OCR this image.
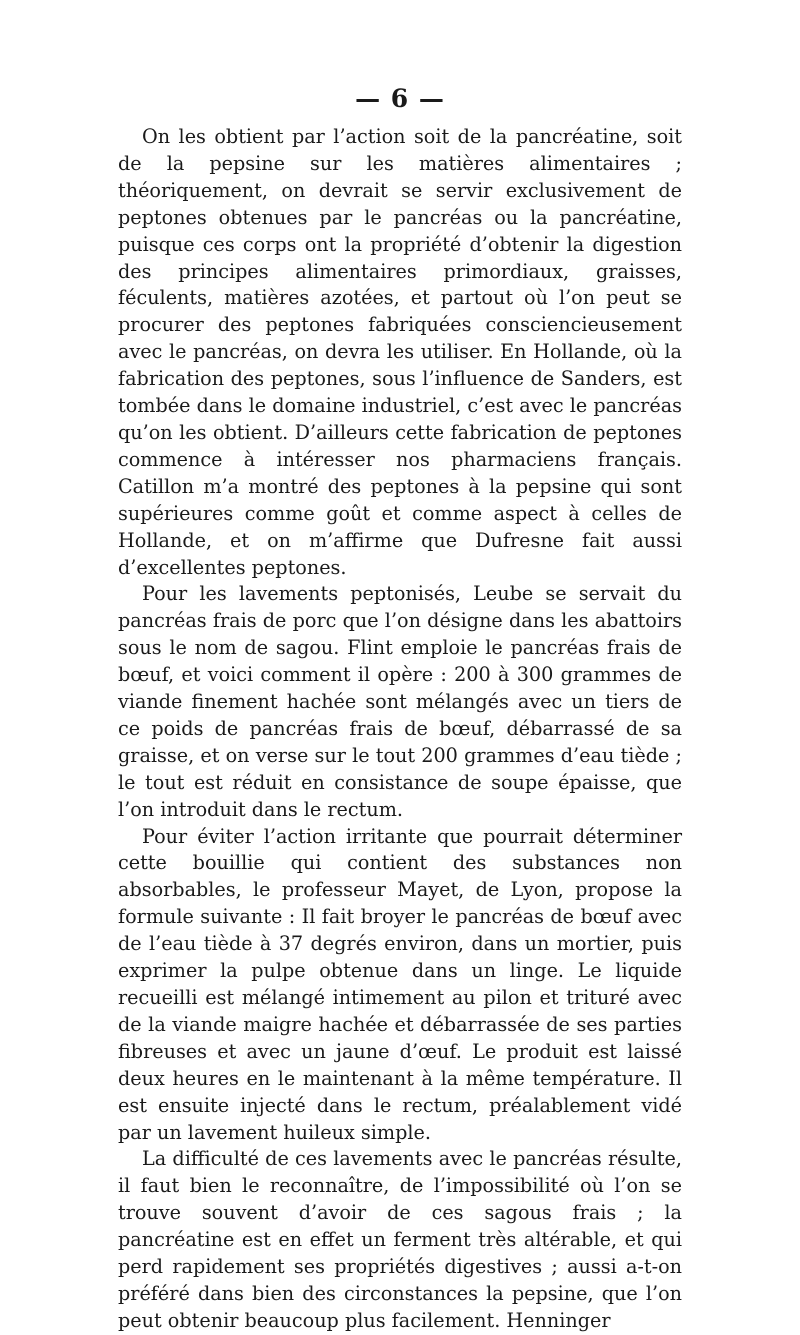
— 6 —

On les obtient par l’action soit de la pancréatine, soit de la pepsine sur les matières alimentaires ; théoriquement, on devrait se servir exclusivement de peptones obtenues par le pancréas ou la pancréatine, puisque ces corps ont la propriété d’obtenir la digestion des principes alimentaires primordiaux, graisses, féculents, matières azotées, et partout où l’on peut se procurer des peptones fabriquées consciencieusement avec le pancréas, on devra les utiliser. En Hollande, où la fabrication des peptones, sous l’influence de Sanders, est tombée dans le domaine industriel, c’est avec le pancréas qu’on les obtient. D’ailleurs cette fabrication de peptones commence à intéresser nos pharmaciens français. Catillon m’a montré des peptones à la pepsine qui sont supérieures comme goût et comme aspect à celles de Hollande, et on m’affirme que Dufresne fait aussi d’excellentes peptones.

Pour les lavements peptonisés, Leube se servait du pancréas frais de porc que l’on désigne dans les abattoirs sous le nom de sagou. Flint emploie le pancréas frais de bœuf, et voici comment il opère : 200 à 300 grammes de viande finement hachée sont mélangés avec un tiers de ce poids de pancréas frais de bœuf, débarrassé de sa graisse, et on verse sur le tout 200 grammes d’eau tiède ; le tout est réduit en consistance de soupe épaisse, que l’on introduit dans le rectum.

Pour éviter l’action irritante que pourrait déterminer cette bouillie qui contient des substances non absorbables, le professeur Mayet, de Lyon, propose la formule suivante : Il fait broyer le pancréas de bœuf avec de l’eau tiède à 37 degrés environ, dans un mortier, puis exprimer la pulpe obtenue dans un linge. Le liquide recueilli est mélangé intimement au pilon et trituré avec de la viande maigre hachée et débarrassée de ses parties fibreuses et avec un jaune d’œuf. Le produit est laissé deux heures en le maintenant à la même température. Il est ensuite injecté dans le rectum, préalablement vidé par un lavement huileux simple.

La difficulté de ces lavements avec le pancréas résulte, il faut bien le reconnaître, de l’impossibilité où l’on se trouve souvent d’avoir de ces sagous frais ; la pancréatine est en effet un ferment très altérable, et qui perd rapidement ses propriétés digestives ; aussi a-t-on préféré dans bien des circonstances la pepsine, que l’on peut obtenir beaucoup plus facilement. Henninger
